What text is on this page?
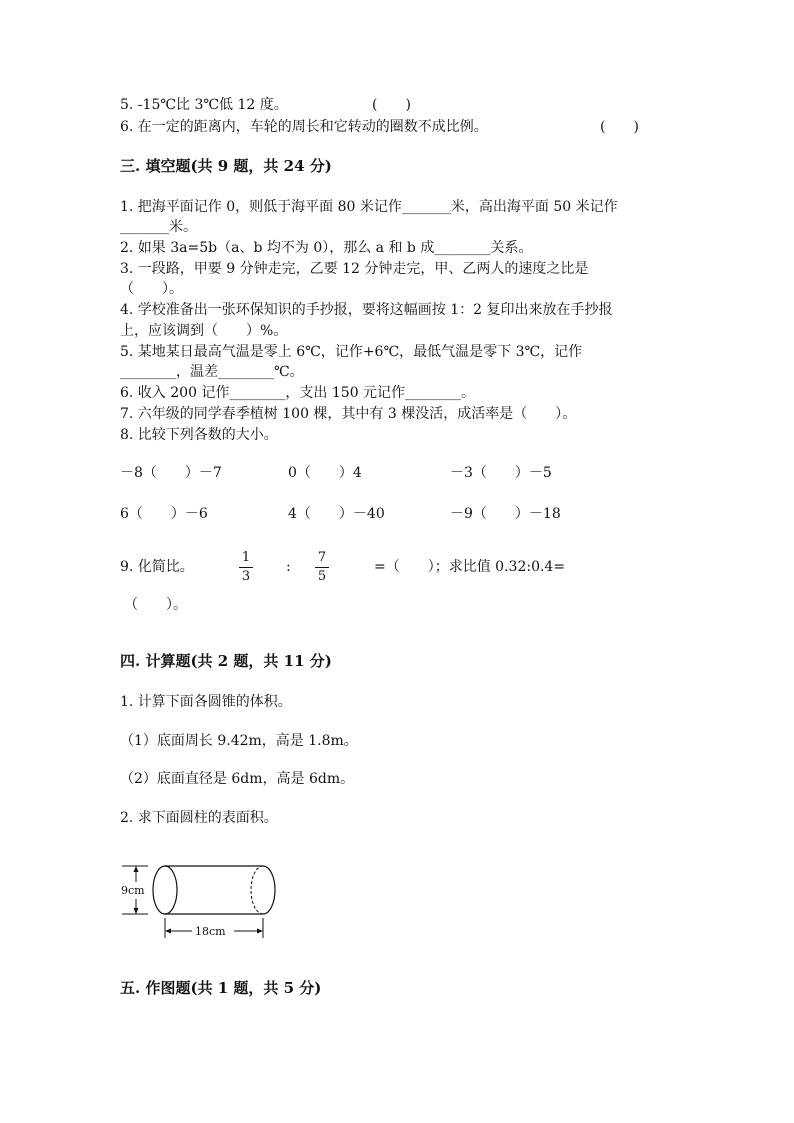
5. -15℃比 3℃低 12 度。	(　　)
6. 在一定的距离内，车轮的周长和它转动的圈数不成比例。	(　　)
三. 填空题(共 9 题，共 24 分)
1. 把海平面记作 0，则低于海平面 80 米记作_______米，高出海平面 50 米记作
_______米。
2. 如果 3a=5b（a、b 均不为 0），那么 a 和 b 成________关系。
3. 一段路，甲要 9 分钟走完，乙要 12 分钟走完，甲、乙两人的速度之比是
（　　）。
4. 学校准备出一张环保知识的手抄报，要将这幅画按 1：2 复印出来放在手抄报
上，应该调到（　　）%。
5. 某地某日最高气温是零上 6℃，记作+6℃，最低气温是零下 3℃，记作
________，温差________℃。
6. 收入 200 记作________，支出 150 元记作________。
7. 六年级的同学春季植树 100 棵，其中有 3 棵没活，成活率是（　　）。
8. 比较下列各数的大小。
－8（　　）－7	0（　　）4	－3（　　）－5
6（　　）－6	4（　　）－40	－9（　　）－18
9. 化简比。
1
3
:
7
5
=（　　）；求比值 0.32:0.4=
（　　）。
四. 计算题(共 2 题，共 11 分)
1. 计算下面各圆锥的体积。
（1）底面周长 9.42m，高是 1.8m。
（2）底面直径是 6dm，高是 6dm。
2. 求下面圆柱的表面积。
9cm
18cm
五. 作图题(共 1 题，共 5 分)
